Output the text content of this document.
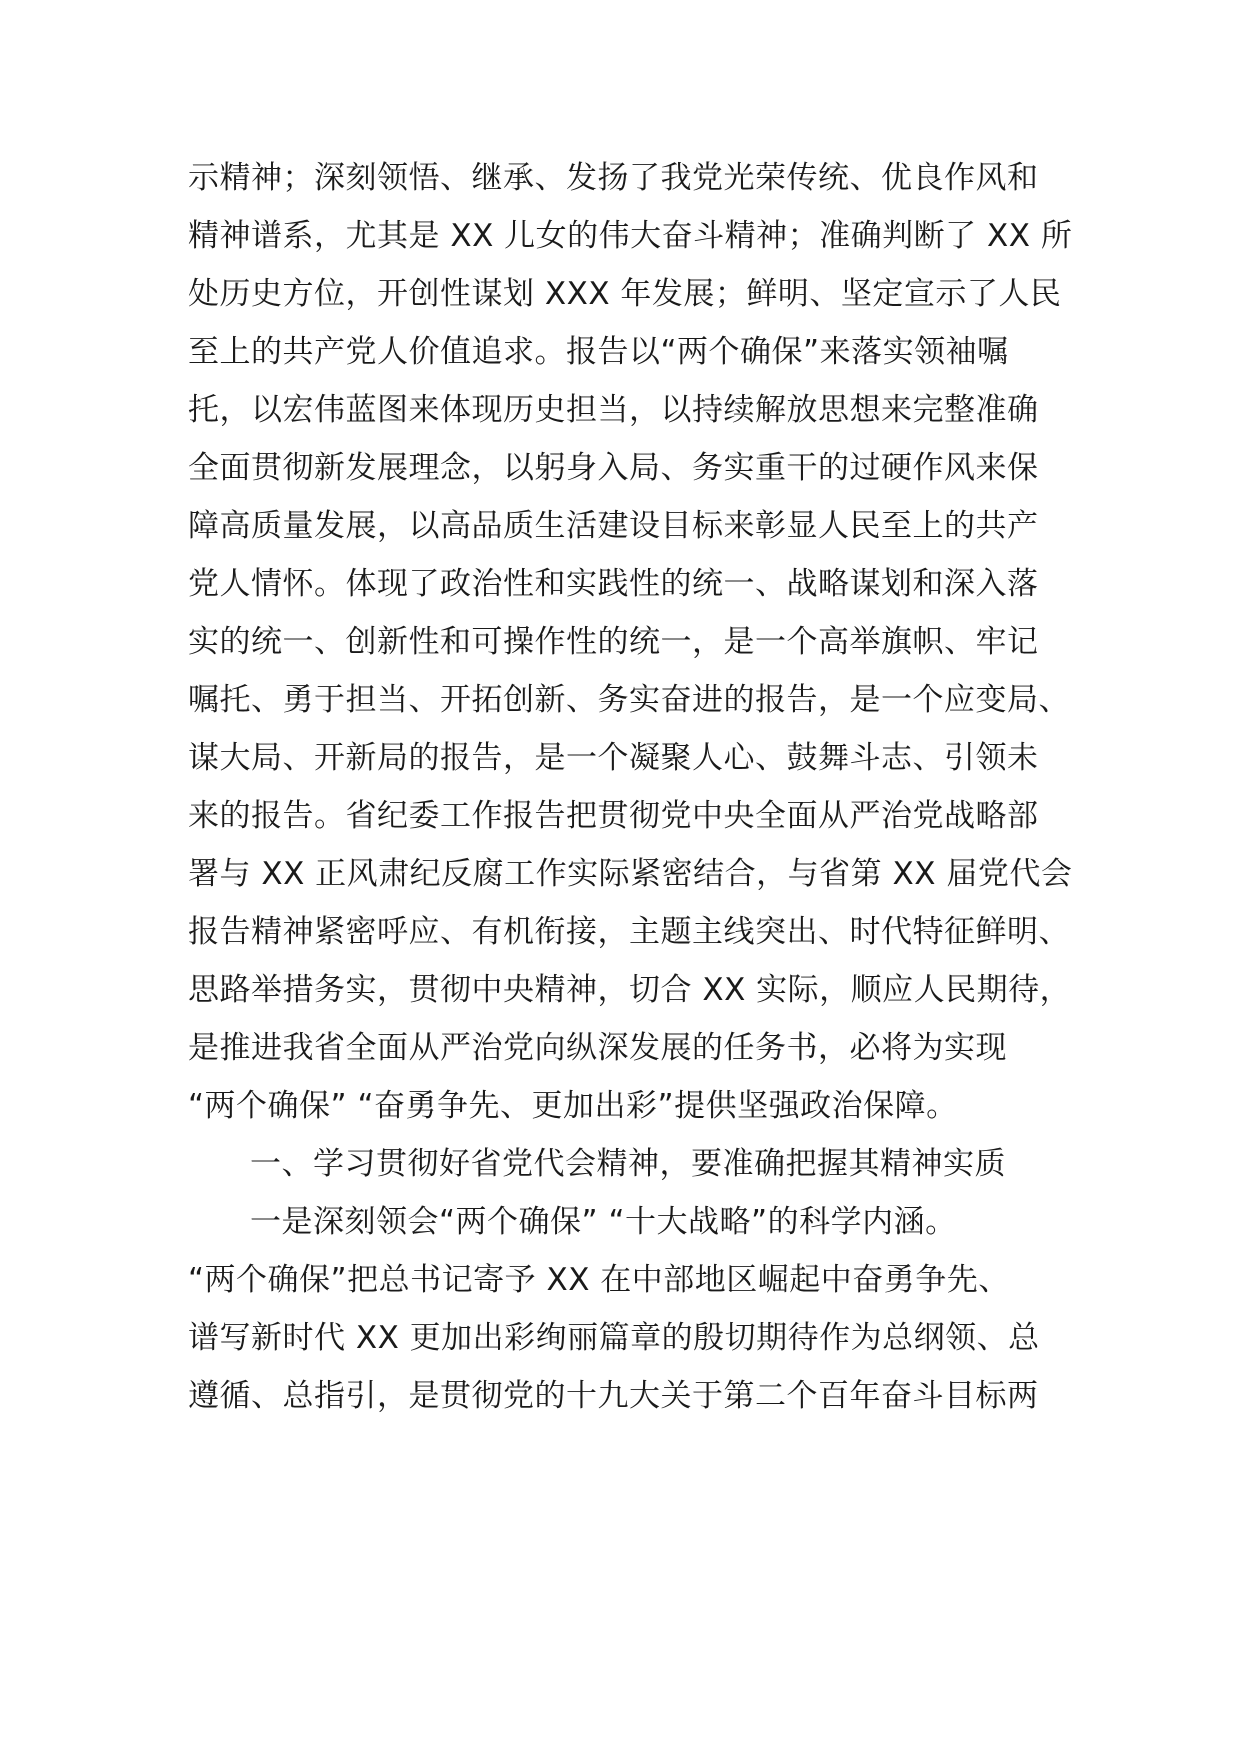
示精神；深刻领悟、继承、发扬了我党光荣传统、优良作风和
精神谱系，尤其是 XX 儿女的伟大奋斗精神；准确判断了 XX 所
处历史方位，开创性谋划 XXX 年发展；鲜明、坚定宣示了人民
至上的共产党人价值追求。报告以“两个确保”来落实领袖嘱
托，以宏伟蓝图来体现历史担当，以持续解放思想来完整准确
全面贯彻新发展理念，以躬身入局、务实重干的过硬作风来保
障高质量发展，以高品质生活建设目标来彰显人民至上的共产
党人情怀。体现了政治性和实践性的统一、战略谋划和深入落
实的统一、创新性和可操作性的统一，是一个高举旗帜、牢记
嘱托、勇于担当、开拓创新、务实奋进的报告，是一个应变局、
谋大局、开新局的报告，是一个凝聚人心、鼓舞斗志、引领未
来的报告。省纪委工作报告把贯彻党中央全面从严治党战略部
署与 XX 正风肃纪反腐工作实际紧密结合，与省第 XX 届党代会
报告精神紧密呼应、有机衔接，主题主线突出、时代特征鲜明、
思路举措务实，贯彻中央精神，切合 XX 实际，顺应人民期待，
是推进我省全面从严治党向纵深发展的任务书，必将为实现
“两个确保” “奋勇争先、更加出彩”提供坚强政治保障。
一、学习贯彻好省党代会精神，要准确把握其精神实质
一是深刻领会“两个确保” “十大战略”的科学内涵。
“两个确保”把总书记寄予 XX 在中部地区崛起中奋勇争先、
谱写新时代 XX 更加出彩绚丽篇章的殷切期待作为总纲领、总
遵循、总指引，是贯彻党的十九大关于第二个百年奋斗目标两
